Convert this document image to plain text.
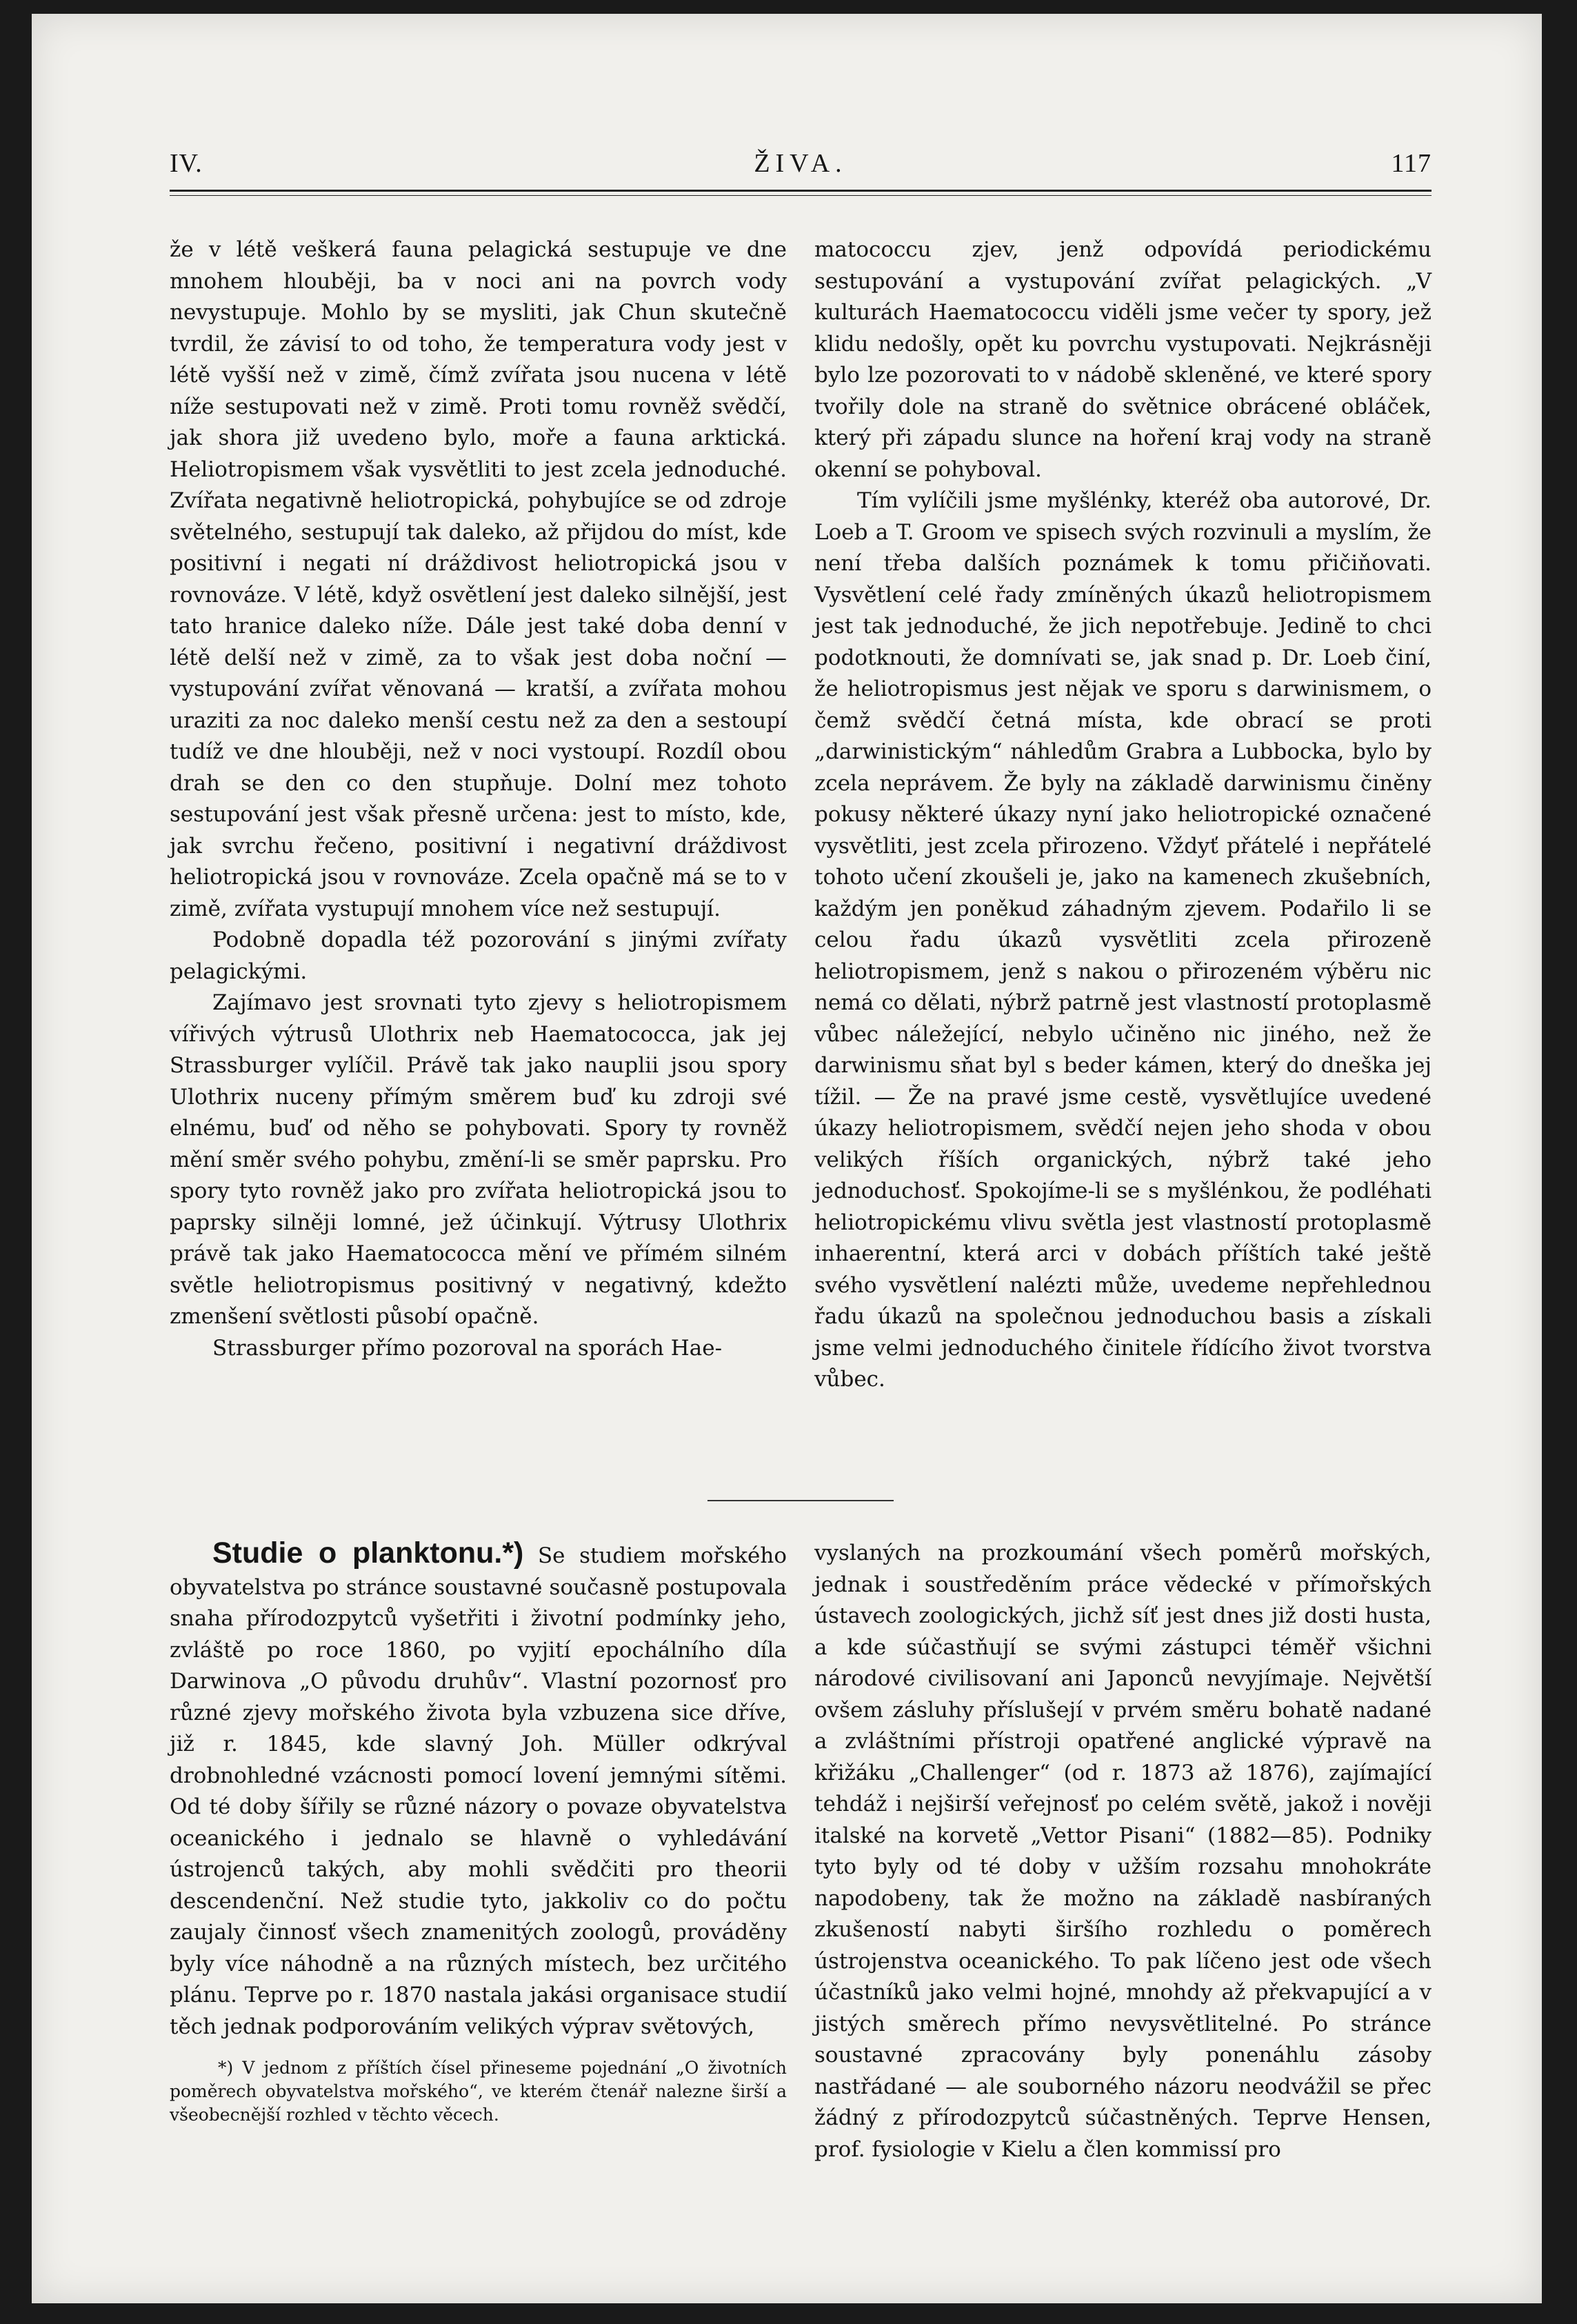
IV.	ŽIVA.	117

že v létě veškerá fauna pelagická sestupuje ve dne mnohem hlouběji, ba v noci ani na povrch vody nevystupuje. Mohlo by se mysliti, jak Chun skutečně tvrdil, že závisí to od toho, že temperatura vody jest v létě vyšší než v zimě, čímž zvířata jsou nucena v létě níže sestupovati než v zimě. Proti tomu rovněž svědčí, jak shora již uvedeno bylo, moře a fauna arktická. Heliotropismem však vysvětliti to jest zcela jednoduché. Zvířata negativně heliotropická, pohybujíce se od zdroje světelného, sestupují tak daleko, až přijdou do míst, kde positivní i negati ní dráždivost heliotropická jsou v rovnováze. V létě, když osvětlení jest daleko silnější, jest tato hranice daleko níže. Dále jest také doba denní v létě delší než v zimě, za to však jest doba noční — vystupování zvířat věnovaná — kratší, a zvířata mohou uraziti za noc daleko menší cestu než za den a sestoupí tudíž ve dne hlouběji, než v noci vystoupí. Rozdíl obou drah se den co den stupňuje. Dolní mez tohoto sestupování jest však přesně určena: jest to místo, kde, jak svrchu řečeno, positivní i negativní dráždivost heliotropická jsou v rovnováze. Zcela opačně má se to v zimě, zvířata vystupují mnohem více než sestupují.

Podobně dopadla též pozorování s jinými zvířaty pelagickými.

Zajímavo jest srovnati tyto zjevy s heliotropismem vířivých výtrusů Ulothrix neb Haematococca, jak jej Strassburger vylíčil. Právě tak jako nauplii jsou spory Ulothrix nuceny přímým směrem buď ku zdroji své elnému, buď od něho se pohybovati. Spory ty rovněž mění směr svého pohybu, změní-li se směr paprsku. Pro spory tyto rovněž jako pro zvířata heliotropická jsou to paprsky silněji lomné, jež účinkují. Výtrusy Ulothrix právě tak jako Haematococca mění ve přímém silném světle heliotropismus positivný v negativný, kdežto zmenšení světlosti působí opačně.

Strassburger přímo pozoroval na sporách Hae-

matococcu zjev, jenž odpovídá periodickému sestupování a vystupování zvířat pelagických. „V kulturách Haematococcu viděli jsme večer ty spory, jež klidu nedošly, opět ku povrchu vystupovati. Nejkrásněji bylo lze pozorovati to v nádobě skleněné, ve které spory tvořily dole na straně do světnice obrácené obláček, který při západu slunce na hoření kraj vody na straně okenní se pohyboval.

Tím vylíčili jsme myšlénky, kteréž oba autorové, Dr. Loeb a T. Groom ve spisech svých rozvinuli a myslím, že není třeba dalších poznámek k tomu přičiňovati. Vysvětlení celé řady zmíněných úkazů heliotropismem jest tak jednoduché, že jich nepotřebuje. Jedině to chci podotknouti, že domnívati se, jak snad p. Dr. Loeb činí, že heliotropismus jest nějak ve sporu s darwinismem, o čemž svědčí četná místa, kde obrací se proti „darwinistickým“ náhledům Grabra a Lubbocka, bylo by zcela neprávem. Že byly na základě darwinismu činěny pokusy některé úkazy nyní jako heliotropické označené vysvětliti, jest zcela přirozeno. Vždyť přátelé i nepřátelé tohoto učení zkoušeli je, jako na kamenech zkušebních, každým jen poněkud záhadným zjevem. Podařilo li se celou řadu úkazů vysvětliti zcela přirozeně heliotropismem, jenž s nakou o přirozeném výběru nic nemá co dělati, nýbrž patrně jest vlastností protoplasmě vůbec náležející, nebylo učiněno nic jiného, než že darwinismu sňat byl s beder kámen, který do dneška jej tížil. — Že na pravé jsme cestě, vysvětlujíce uvedené úkazy heliotropismem, svědčí nejen jeho shoda v obou velikých říších organických, nýbrž také jeho jednoduchosť. Spokojíme-li se s myšlénkou, že podléhati heliotropickému vlivu světla jest vlastností protoplasmě inhaerentní, která arci v dobách příštích také ještě svého vysvětlení nalézti může, uvedeme nepřehlednou řadu úkazů na společnou jednoduchou basis a získali jsme velmi jednoduchého činitele řídícího život tvorstva vůbec.

Studie o planktonu.*) Se studiem mořského obyvatelstva po stránce soustavné současně postupovala snaha přírodozpytců vyšetřiti i životní podmínky jeho, zvláště po roce 1860, po vyjití epochálního díla Darwinova „O původu druhův“. Vlastní pozornosť pro různé zjevy mořského života byla vzbuzena sice dříve, již r. 1845, kde slavný Joh. Müller odkrýval drobnohledné vzácnosti pomocí lovení jemnými sítěmi. Od té doby šířily se různé názory o povaze obyvatelstva oceanického i jednalo se hlavně o vyhledávání ústrojenců takých, aby mohli svědčiti pro theorii descendenční. Než studie tyto, jakkoliv co do počtu zaujaly činnosť všech znamenitých zoologů, prováděny byly více náhodně a na různých místech, bez určitého plánu. Teprve po r. 1870 nastala jakási organisace studií těch jednak podporováním velikých výprav světových,

*) V jednom z příštích čísel přineseme pojednání „O životních poměrech obyvatelstva mořského“, ve kterém čtenář nalezne širší a všeobecnější rozhled v těchto věcech.

vyslaných na prozkoumání všech poměrů mořských, jednak i soustředěním práce vědecké v přímořských ústavech zoologických, jichž síť jest dnes již dosti husta, a kde súčastňují se svými zástupci téměř všichni národové civilisovaní ani Japonců nevyjímaje. Největší ovšem zásluhy příslušejí v prvém směru bohatě nadané a zvláštními přístroji opatřené anglické výpravě na křižáku „Challenger“ (od r. 1873 až 1876), zajímající tehdáž i nejširší veřejnosť po celém světě, jakož i nověji italské na korvetě „Vettor Pisani“ (1882—85). Podniky tyto byly od té doby v užším rozsahu mnohokráte napodobeny, tak že možno na základě nasbíraných zkušeností nabyti širšího rozhledu o poměrech ústrojenstva oceanického. To pak líčeno jest ode všech účastníků jako velmi hojné, mnohdy až překvapující a v jistých směrech přímo nevysvětlitelné. Po stránce soustavné zpracovány byly ponenáhlu zásoby nastřádané — ale souborného názoru neodvážil se přec žádný z přírodozpytců súčastněných. Teprve Hensen, prof. fysiologie v Kielu a člen kommissí pro
